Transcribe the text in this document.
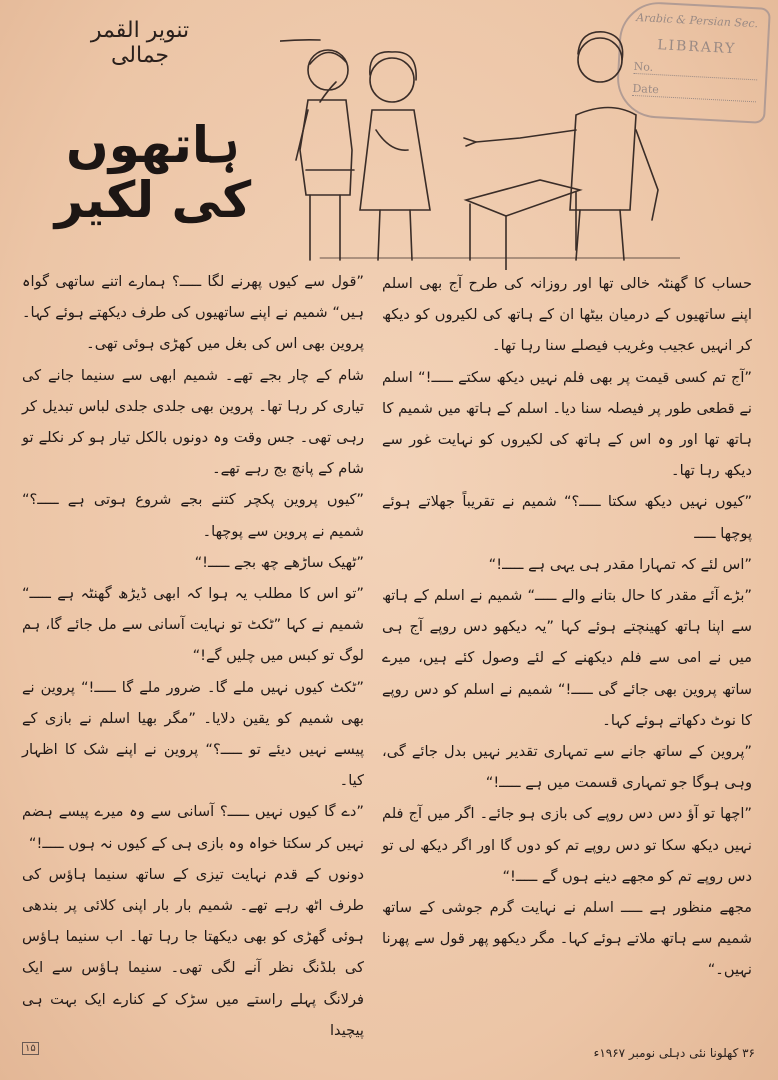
تنویر القمر جمالی
ہاتھوں کی لکیر
Arabic & Persian Sec.
LIBRARY
No.
Date

حساب کا گھنٹہ خالی تھا اور روزانہ کی طرح آج بھی اسلم اپنے ساتھیوں کے درمیان بیٹھا ان کے ہاتھ کی لکیروں کو دیکھ کر انہیں عجیب وغریب فیصلے سنا رہا تھا۔

”آج تم کسی قیمت پر بھی فلم نہیں دیکھ سکتے ـــــ!“ اسلم نے قطعی طور پر فیصلہ سنا دیا۔ اسلم کے ہاتھ میں شمیم کا ہاتھ تھا اور وہ اس کے ہاتھ کی لکیروں کو نہایت غور سے دیکھ رہا تھا۔

”کیوں نہیں دیکھ سکتا ـــــ؟“ شمیم نے تقریباً جھلاتے ہوئے پوچھا ـــــ

”اس لئے کہ تمہارا مقدر ہی یہی ہے ـــــ!“

”بڑے آئے مقدر کا حال بتانے والے ـــــ“ شمیم نے اسلم کے ہاتھ سے اپنا ہاتھ کھینچتے ہوئے کہا ”یہ دیکھو دس روپے آج ہی میں نے امی سے فلم دیکھنے کے لئے وصول کئے ہیں، میرے ساتھ پروین بھی جائے گی ـــــ!“ شمیم نے اسلم کو دس روپے کا نوٹ دکھاتے ہوئے کہا۔

”پروین کے ساتھ جانے سے تمہاری تقدیر نہیں بدل جائے گی، وہی ہوگا جو تمہاری قسمت میں ہے ـــــ!“

”اچھا تو آؤ دس دس روپے کی بازی ہو جائے۔ اگر میں آج فلم نہیں دیکھ سکا تو دس روپے تم کو دوں گا اور اگر دیکھ لی تو دس روپے تم کو مجھے دینے ہوں گے ـــــ!“

مجھے منظور ہے ـــــ اسلم نے نہایت گرم جوشی کے ساتھ شمیم سے ہاتھ ملاتے ہوئے کہا۔ مگر دیکھو پھر قول سے پھرنا نہیں۔“

”قول سے کیوں پھرنے لگا ـــــ؟ ہمارے اتنے ساتھی گواہ ہیں“ شمیم نے اپنے ساتھیوں کی طرف دیکھتے ہوئے کہا۔ پروین بھی اس کی بغل میں کھڑی ہوئی تھی۔

شام کے چار بجے تھے۔ شمیم ابھی سے سنیما جانے کی تیاری کر رہا تھا۔ پروین بھی جلدی جلدی لباس تبدیل کر رہی تھی۔ جس وقت وہ دونوں بالکل تیار ہو کر نکلے تو شام کے پانچ بج رہے تھے۔

”کیوں پروین پکچر کتنے بجے شروع ہوتی ہے ـــــ؟“ شمیم نے پروین سے پوچھا۔

”ٹھیک ساڑھے چھ بجے ـــــ!“

”تو اس کا مطلب یہ ہوا کہ ابھی ڈیڑھ گھنٹہ ہے ـــــ“ شمیم نے کہا ”ٹکٹ تو نہایت آسانی سے مل جائے گا، ہم لوگ تو کبس میں چلیں گے!“

”ٹکٹ کیوں نہیں ملے گا۔ ضرور ملے گا ـــــ!“ پروین نے بھی شمیم کو یقین دلایا۔ ”مگر بھیا اسلم نے بازی کے پیسے نہیں دیئے تو ـــــ؟“ پروین نے اپنے شک کا اظہار کیا۔

”دے گا کیوں نہیں ـــــ؟ آسانی سے وہ میرے پیسے ہضم نہیں کر سکتا خواہ وہ بازی ہی کے کیوں نہ ہوں ـــــ!“

دونوں کے قدم نہایت تیزی کے ساتھ سنیما ہاؤس کی طرف اٹھ رہے تھے۔ شمیم بار بار اپنی کلائی پر بندھی ہوئی گھڑی کو بھی دیکھتا جا رہا تھا۔ اب سنیما ہاؤس کی بلڈنگ نظر آنے لگی تھی۔ سنیما ہاؤس سے ایک فرلانگ پہلے راستے میں سڑک کے کنارے ایک بہت ہی پیچیدا

۳۶ کھلونا نئی دہلی نومبر ۱۹۶۷ء
۱۵
